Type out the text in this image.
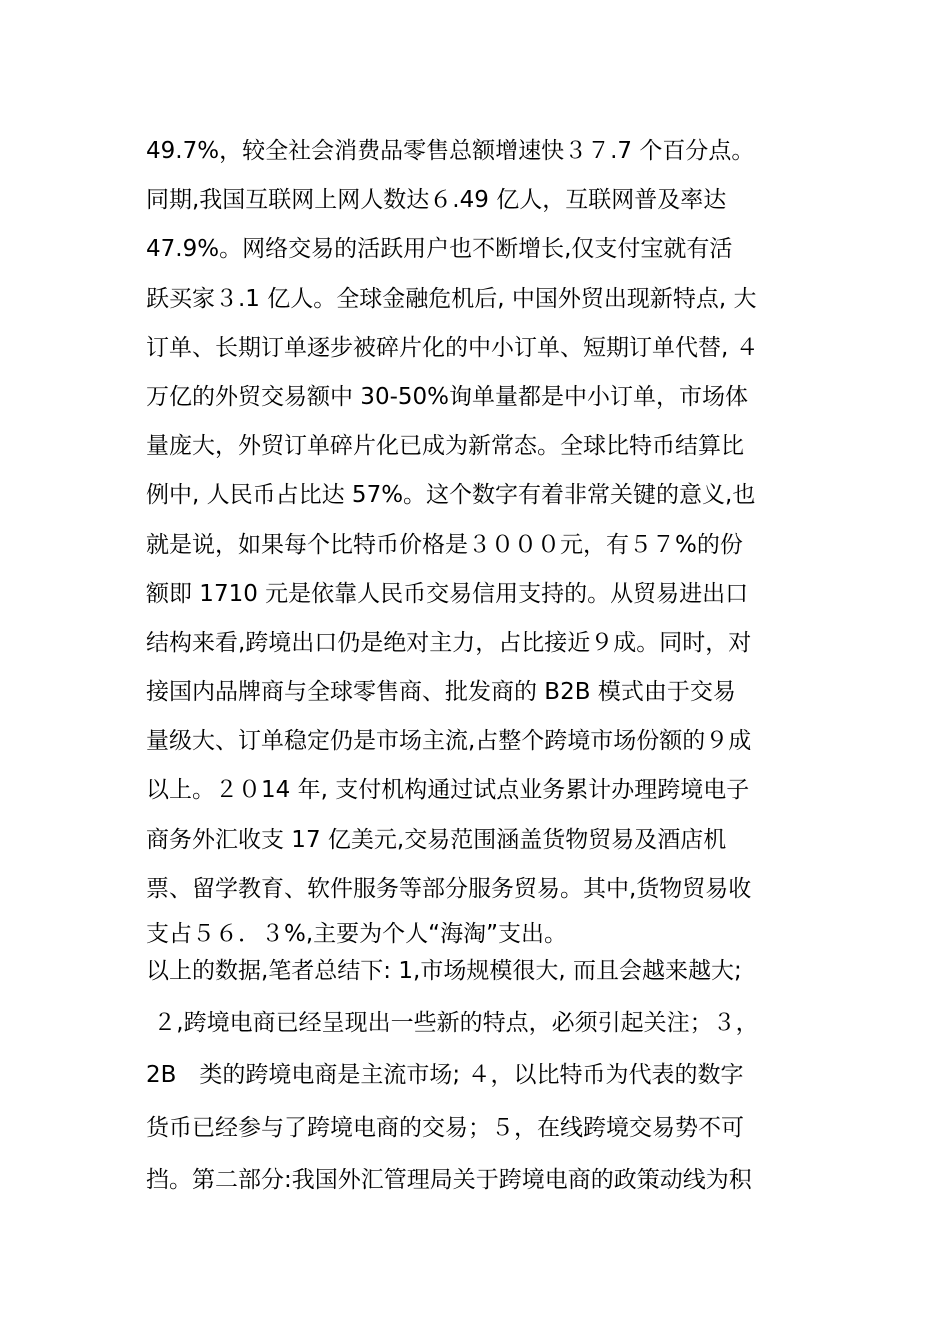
49.7%，较全社会消费品零售总额增速快３７.7 个百分点。
同期,我国互联网上网人数达６.49 亿人，互联网普及率达
47.9%。网络交易的活跃用户也不断增长,仅支付宝就有活
跃买家３.1 亿人。全球金融危机后, 中国外贸出现新特点, 大
订单、长期订单逐步被碎片化的中小订单、短期订单代替, ４
万亿的外贸交易额中 30-50%询单量都是中小订单，市场体
量庞大，外贸订单碎片化已成为新常态。全球比特币结算比
例中, 人民币占比达 57%。这个数字有着非常关键的意义,也
就是说，如果每个比特币价格是３０００元，有５７%的份
额即 1710 元是依靠人民币交易信用支持的。从贸易进出口
结构来看,跨境出口仍是绝对主力，占比接近９成。同时，对
接国内品牌商与全球零售商、批发商的 B2B 模式由于交易
量级大、订单稳定仍是市场主流,占整个跨境市场份额的９成
以上。２０14 年, 支付机构通过试点业务累计办理跨境电子
商务外汇收支 17 亿美元,交易范围涵盖货物贸易及酒店机
票、留学教育、软件服务等部分服务贸易。其中,货物贸易收
支占５６．３%,主要为个人“海淘”支出。
以上的数据,笔者总结下: 1,市场规模很大, 而且会越来越大;
２,跨境电商已经呈现出一些新的特点，必须引起关注；３，
2B　类的跨境电商是主流市场; ４，以比特币为代表的数字
货币已经参与了跨境电商的交易；５，在线跨境交易势不可
挡。第二部分:我国外汇管理局关于跨境电商的政策动线为积
